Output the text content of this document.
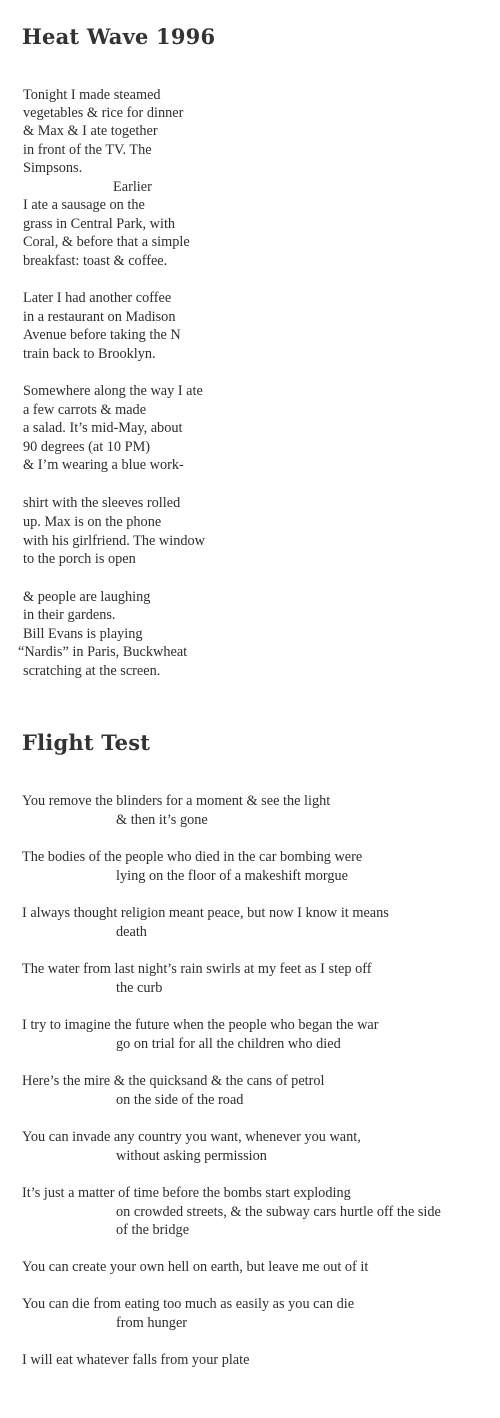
Heat Wave 1996

Tonight I made steamed

vegetables & rice for dinner

& Max & I ate together

in front of the TV. The

Simpsons.

Earlier

I ate a sausage on the

grass in Central Park, with

Coral, & before that a simple

breakfast: toast & coffee.

Later I had another coffee

in a restaurant on Madison

Avenue before taking the N

train back to Brooklyn.

Somewhere along the way I ate

a few carrots & made

a salad. It’s mid-May, about

90 degrees (at 10 PM)

& I’m wearing a blue work-

shirt with the sleeves rolled

up. Max is on the phone

with his girlfriend. The window

to the porch is open

& people are laughing

in their gardens.

Bill Evans is playing

“Nardis” in Paris, Buckwheat

scratching at the screen.

Flight Test

You remove the blinders for a moment & see the light

& then it’s gone

The bodies of the people who died in the car bombing were

lying on the floor of a makeshift morgue

I always thought religion meant peace, but now I know it means

death

The water from last night’s rain swirls at my feet as I step off

the curb

I try to imagine the future when the people who began the war

go on trial for all the children who died

Here’s the mire & the quicksand & the cans of petrol

on the side of the road

You can invade any country you want, whenever you want,

without asking permission

It’s just a matter of time before the bombs start exploding

on crowded streets, & the subway cars hurtle off the side

of the bridge

You can create your own hell on earth, but leave me out of it

You can die from eating too much as easily as you can die

from hunger

I will eat whatever falls from your plate
